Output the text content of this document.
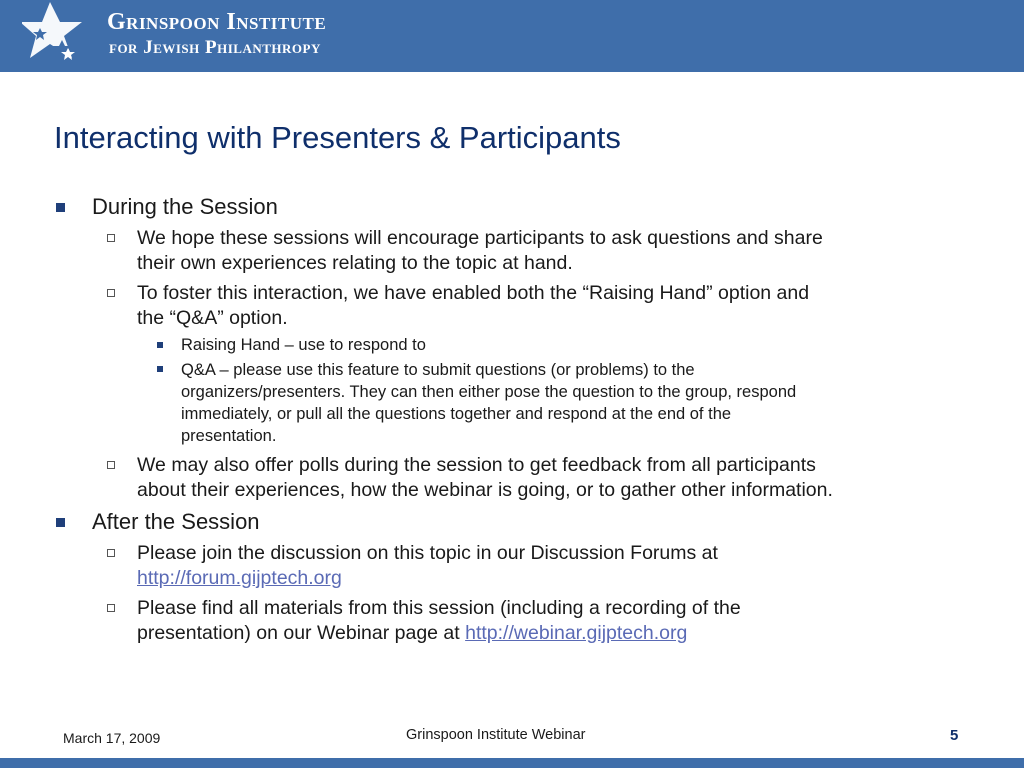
Grinspoon Institute
for Jewish Philanthropy
Interacting with Presenters & Participants
During the Session
We hope these sessions will encourage participants to ask questions and share
their own experiences relating to the topic at hand.
To foster this interaction, we have enabled both the “Raising Hand” option and
the “Q&A” option.
Raising Hand – use to respond to
Q&A – please use this feature to submit questions (or problems) to the
organizers/presenters. They can then either pose the question to the group, respond
immediately, or pull all the questions together and respond at the end of the
presentation.
We may also offer polls during the session to get feedback from all participants
about their experiences, how the webinar is going, or to gather other information.
After the Session
Please join the discussion on this topic in our Discussion Forums at
http://forum.gijptech.org
Please find all materials from this session (including a recording of the
presentation) on our Webinar page at http://webinar.gijptech.org
March 17, 2009	Grinspoon Institute Webinar	5
